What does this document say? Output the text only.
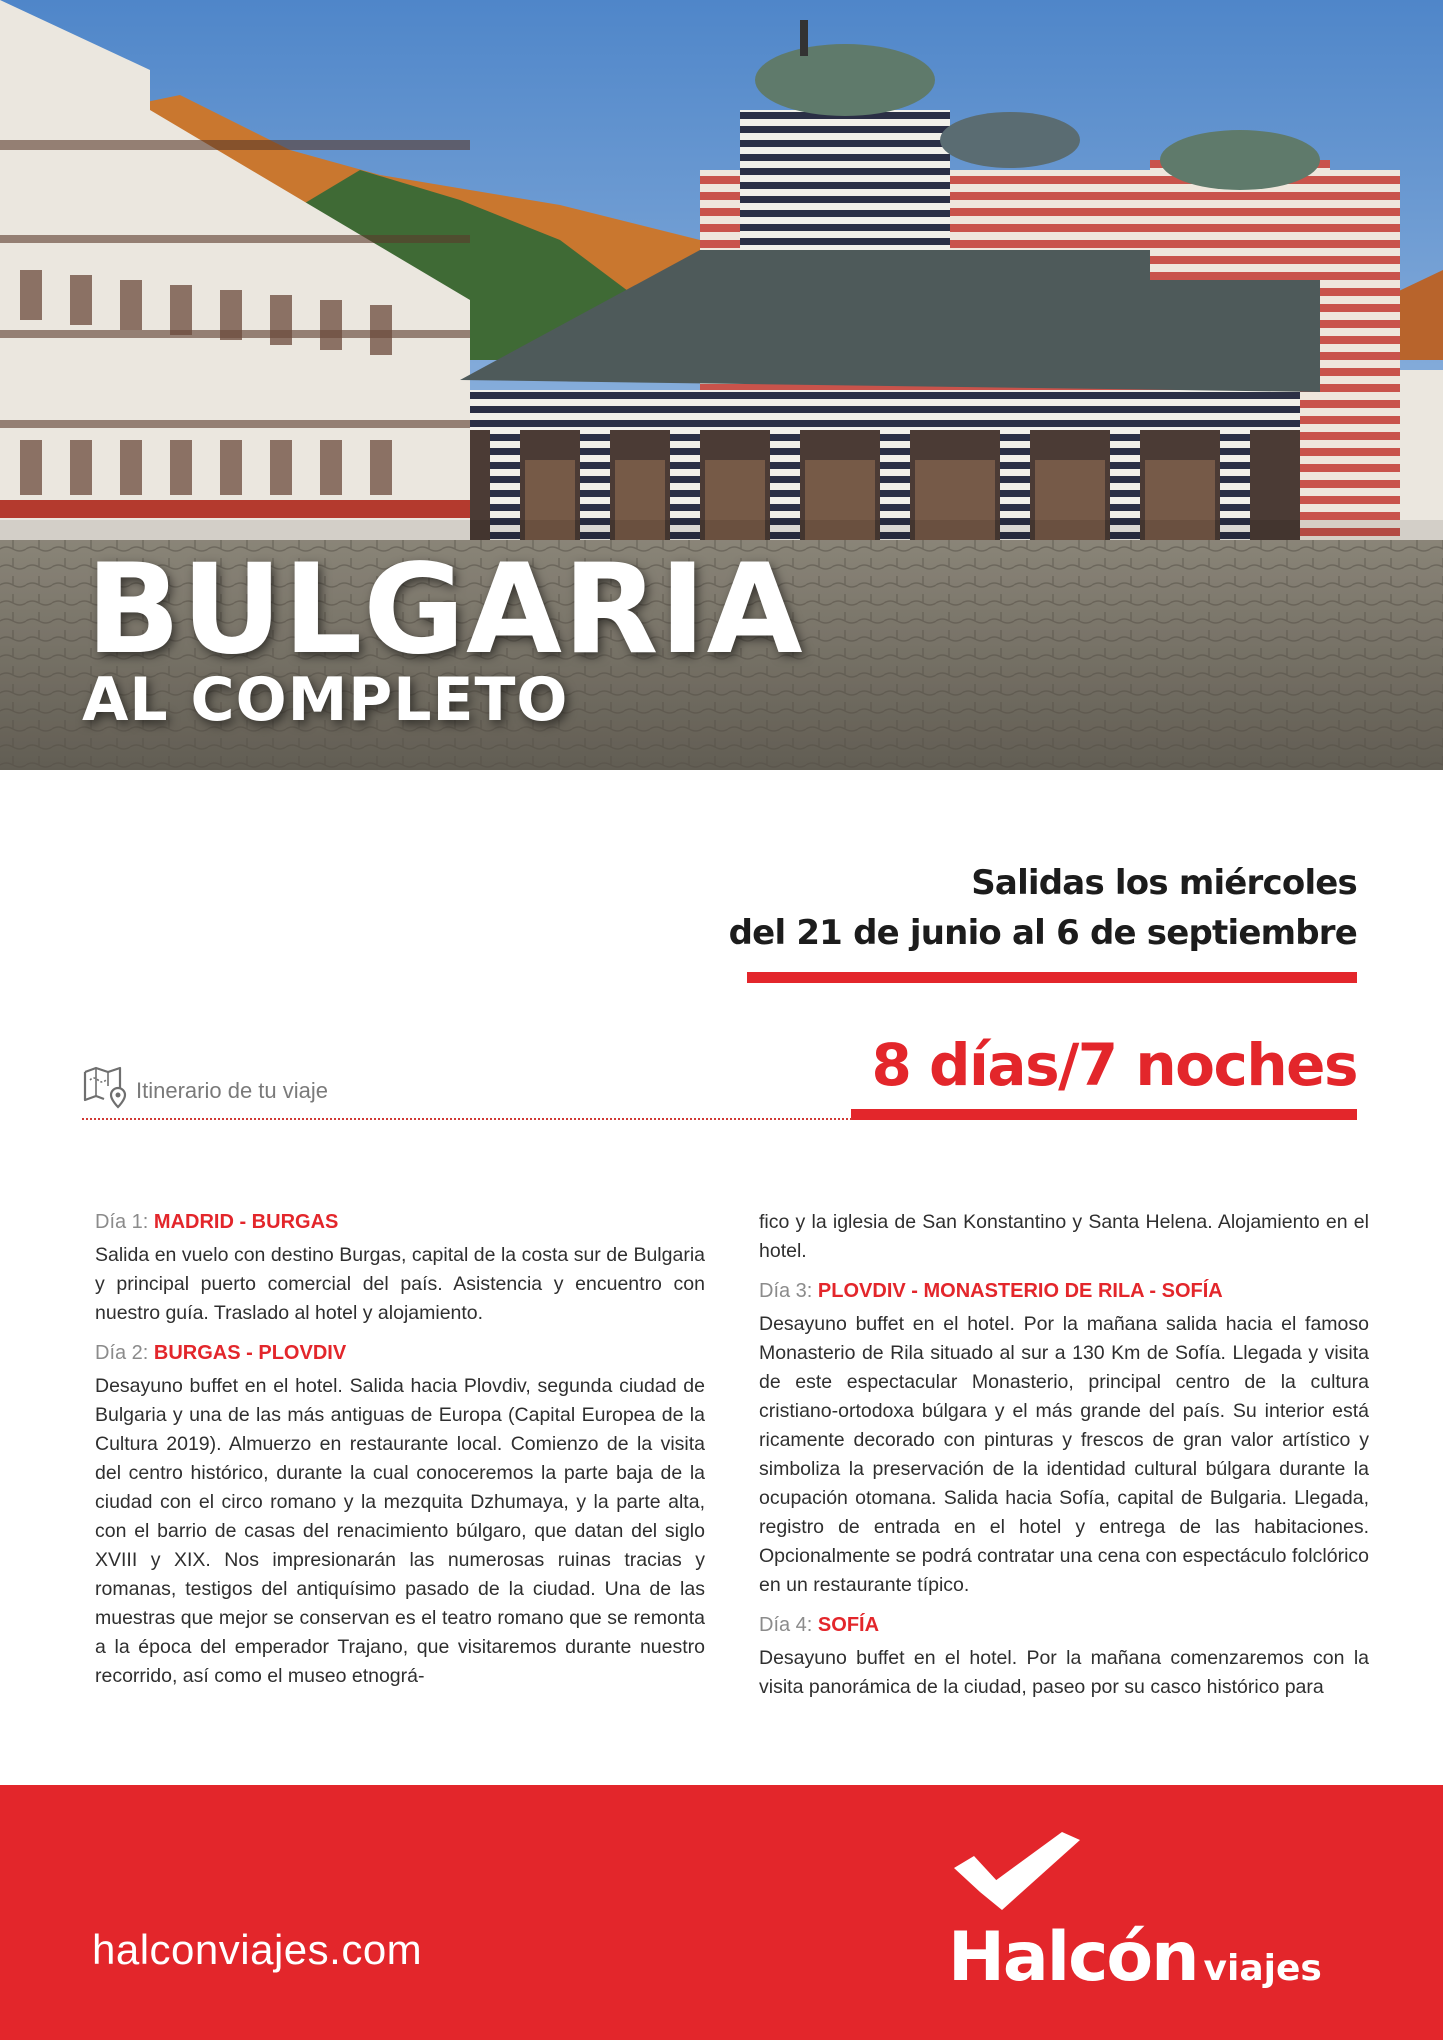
BULGARIA
AL COMPLETO
Salidas los miércoles
del 21 de junio al 6 de septiembre
8 días/7 noches
Itinerario de tu viaje
Día 1: MADRID - BURGAS

Salida en vuelo con destino Burgas, capital de la costa sur de Bulgaria y principal puerto comercial del país. Asistencia y encuentro con nuestro guía. Traslado al hotel y alojamiento.

Día 2: BURGAS - PLOVDIV

Desayuno buffet en el hotel. Salida hacia Plovdiv, segunda ciudad de Bulgaria y una de las más antiguas de Europa (Capital Europea de la Cultura 2019). Almuerzo en restaurante local. Comienzo de la visita del centro histórico, durante la cual conoceremos la parte baja de la ciudad con el circo romano y la mezquita Dzhumaya, y la parte alta, con el barrio de casas del renacimiento búlgaro, que datan del siglo XVIII y XIX. Nos impresionarán las numerosas ruinas tracias y romanas, testigos del antiquísimo pasado de la ciudad. Una de las muestras que mejor se conservan es el teatro romano que se remonta a la época del emperador Trajano, que visitaremos durante nuestro recorrido, así como el museo etnográ-

fico y la iglesia de San Konstantino y Santa Helena. Alojamiento en el hotel.

Día 3: PLOVDIV - MONASTERIO DE RILA - SOFÍA

Desayuno buffet en el hotel. Por la mañana salida hacia el famoso Monasterio de Rila situado al sur a 130 Km de Sofía. Llegada y visita de este espectacular Monasterio, principal centro de la cultura cristiano-ortodoxa búlgara y el más grande del país. Su interior está ricamente decorado con pinturas y frescos de gran valor artístico y simboliza la preservación de la identidad cultural búlgara durante la ocupación otomana. Salida hacia Sofía, capital de Bulgaria. Llegada, registro de entrada en el hotel y entrega de las habitaciones. Opcionalmente se podrá contratar una cena con espectáculo folclórico en un restaurante típico.

Día 4: SOFÍA

Desayuno buffet en el hotel. Por la mañana comenzaremos con la visita panorámica de la ciudad, paseo por su casco histórico para

halconviajes.com	Halcón viajes
